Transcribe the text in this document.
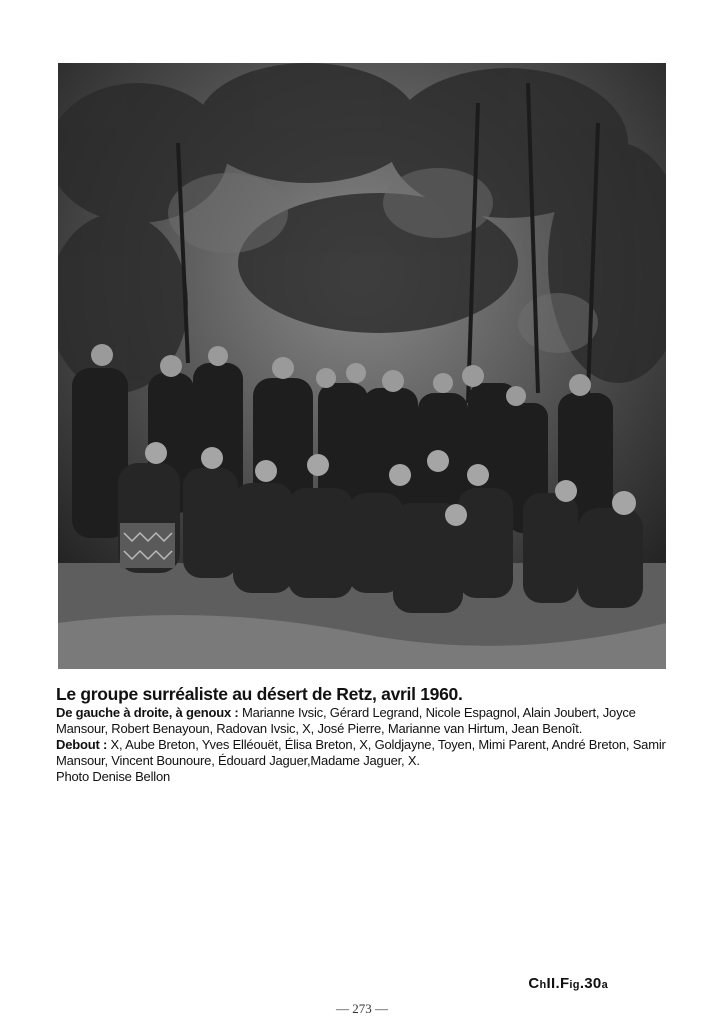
Le groupe surréaliste au désert de Retz, avril 1960.

De gauche à droite, à genoux : Marianne Ivsic, Gérard Legrand, Nicole Espagnol, Alain Joubert, Joyce Mansour, Robert Benayoun, Radovan Ivsic, X, José Pierre, Marianne van Hirtum, Jean Benoît.

Debout : X, Aube Breton, Yves Elléouët, Élisa Breton, X, Goldjayne, Toyen, Mimi Parent, André Breton, Samir Mansour, Vincent Bounoure, Édouard Jaguer,Madame Jaguer, X.

Photo Denise Bellon

ChII.Fig.30a
— 273 —
